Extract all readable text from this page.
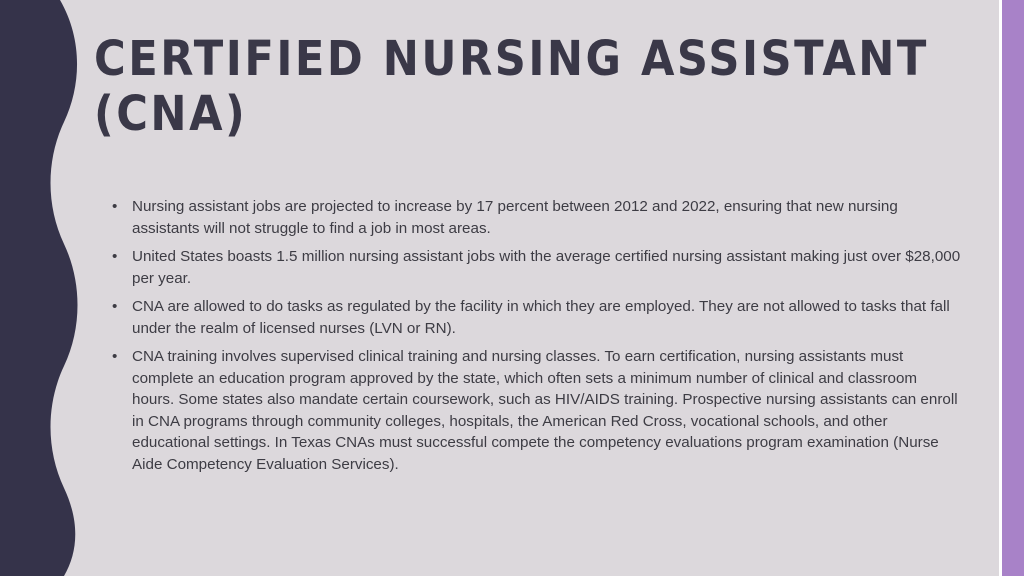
CERTIFIED NURSING ASSISTANT (CNA)
• Nursing assistant jobs are projected to increase by 17 percent between 2012 and 2022, ensuring that new nursing assistants will not struggle to find a job in most areas.
• United States boasts 1.5 million nursing assistant jobs with the average certified nursing assistant making just over $28,000 per year.
• CNA are allowed to do tasks as regulated by the facility in which they are employed. They are not allowed to tasks that fall under the realm of licensed nurses (LVN or RN).
• CNA training involves supervised clinical training and nursing classes. To earn certification, nursing assistants must complete an education program approved by the state, which often sets a minimum number of clinical and classroom hours. Some states also mandate certain coursework, such as HIV/AIDS training. Prospective nursing assistants can enroll in CNA programs through community colleges, hospitals, the American Red Cross, vocational schools, and other educational settings. In Texas CNAs must successful compete the competency evaluations program examination (Nurse Aide Competency Evaluation Services).
